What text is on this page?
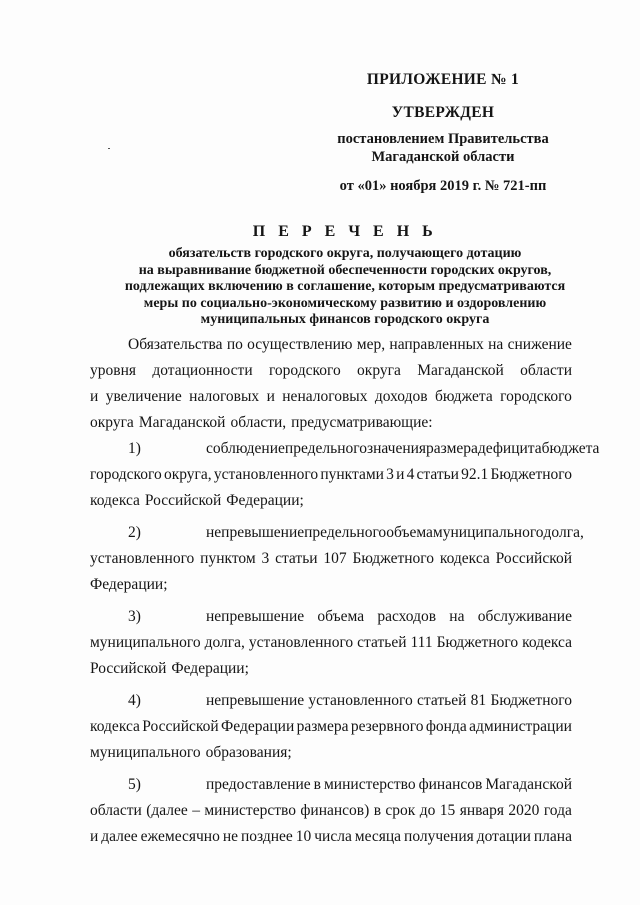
ПРИЛОЖЕНИЕ № 1

УТВЕРЖДЕН

постановлением Правительства

Магаданской области

от «01» ноября 2019 г. № 721-пп

П Е Р Е Ч Е Н Ь

обязательств городского округа, получающего дотацию

на выравнивание бюджетной обеспеченности городских округов,

подлежащих включению в соглашение, которым предусматриваются

меры по социально-экономическому развитию и оздоровлению

муниципальных финансов городского округа

Обязательства по осуществлению мер, направленных на снижение
уровня дотационности городского округа Магаданской области
и увеличение налоговых и неналоговых доходов бюджета городского
округа Магаданской области, предусматривающие:
1)	соблюдение предельного значения размера дефицита бюджета
городского округа, установленного пунктами 3 и 4 статьи 92.1 Бюджетного
кодекса Российской Федерации;
2)	непревышение предельного объема муниципального долга,
установленного пунктом 3 статьи 107 Бюджетного кодекса Российской
Федерации;
3)	непревышение объема расходов на обслуживание
муниципального долга, установленного статьей 111 Бюджетного кодекса
Российской Федерации;
4)	непревышение установленного статьей 81 Бюджетного
кодекса Российской Федерации размера резервного фонда администрации
муниципального образования;
5)	предоставление в министерство финансов Магаданской
области (далее – министерство финансов) в срок до 15 января 2020 года
и далее ежемесячно не позднее 10 числа месяца получения дотации плана
